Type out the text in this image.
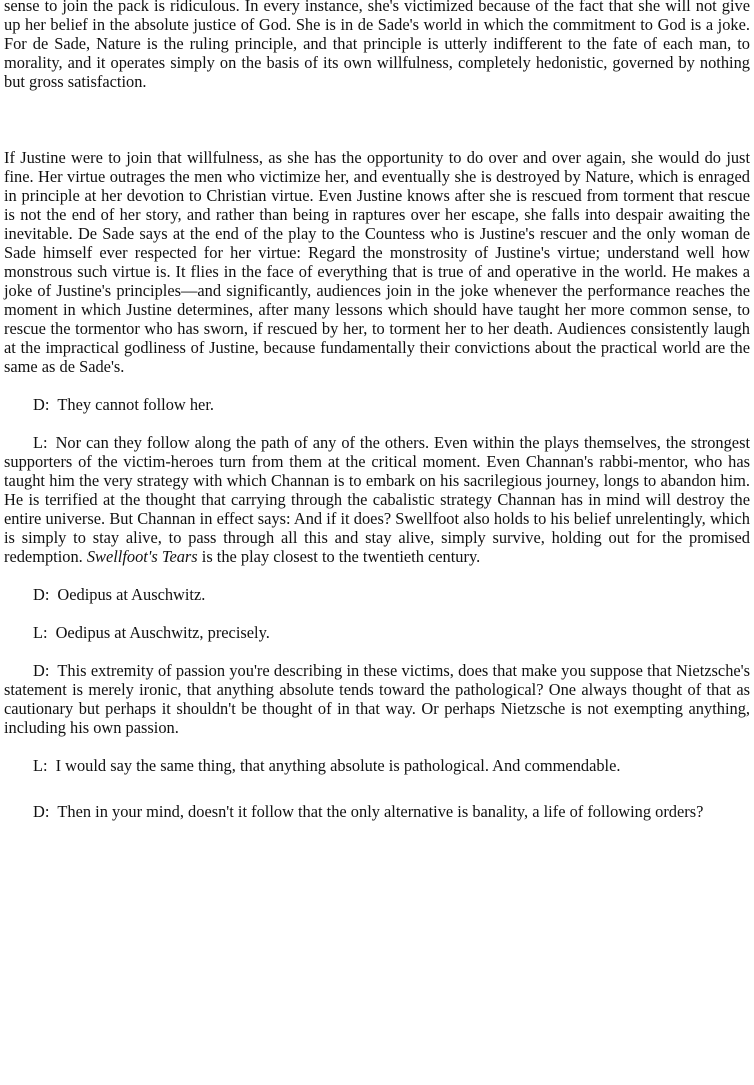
sense to join the pack is ridiculous. In every instance, she's victimized because of the fact that she will not give up her belief in the absolute justice of God. She is in de Sade's world in which the commitment to God is a joke. For de Sade, Nature is the ruling principle, and that principle is utterly indifferent to the fate of each man, to morality, and it operates simply on the basis of its own willfulness, completely hedonistic, governed by nothing but gross satisfaction.

If Justine were to join that willfulness, as she has the opportunity to do over and over again, she would do just fine. Her virtue outrages the men who victimize her, and eventually she is destroyed by Nature, which is enraged in principle at her devotion to Christian virtue. Even Justine knows after she is rescued from torment that rescue is not the end of her story, and rather than being in raptures over her escape, she falls into despair awaiting the inevitable. De Sade says at the end of the play to the Countess who is Justine's rescuer and the only woman de Sade himself ever respected for her virtue: Regard the monstrosity of Justine's virtue; understand well how monstrous such virtue is. It flies in the face of everything that is true of and operative in the world. He makes a joke of Justine's principles—and significantly, audiences join in the joke whenever the performance reaches the moment in which Justine determines, after many lessons which should have taught her more common sense, to rescue the tormentor who has sworn, if rescued by her, to torment her to her death. Audiences consistently laugh at the impractical godliness of Justine, because fundamentally their convictions about the practical world are the same as de Sade's.

D: They cannot follow her.

L: Nor can they follow along the path of any of the others. Even within the plays themselves, the strongest supporters of the victim-heroes turn from them at the critical moment. Even Channan's rabbi-mentor, who has taught him the very strategy with which Channan is to embark on his sacrilegious journey, longs to abandon him. He is terrified at the thought that carrying through the cabalistic strategy Channan has in mind will destroy the entire universe. But Channan in effect says: And if it does? Swellfoot also holds to his belief unrelentingly, which is simply to stay alive, to pass through all this and stay alive, simply survive, holding out for the promised redemption. Swellfoot's Tears is the play closest to the twentieth century.

D: Oedipus at Auschwitz.

L: Oedipus at Auschwitz, precisely.

D: This extremity of passion you're describing in these victims, does that make you suppose that Nietzsche's statement is merely ironic, that anything absolute tends toward the pathological? One always thought of that as cautionary but perhaps it shouldn't be thought of in that way. Or perhaps Nietzsche is not exempting anything, including his own passion.

L: I would say the same thing, that anything absolute is pathological. And commendable.

D: Then in your mind, doesn't it follow that the only alternative is banality, a life of following orders?
